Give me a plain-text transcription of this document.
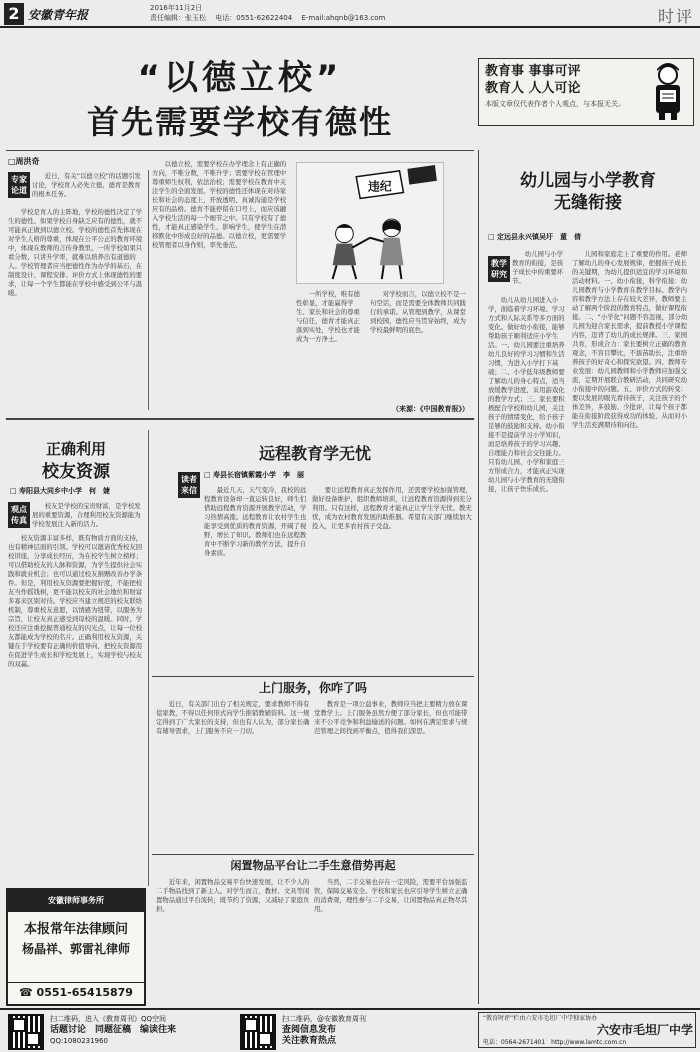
2 安徽青年报	2016年11月2日
责任编辑：张玉松　 电话：0551-62622404　 E-mail:ahqnb@163.com	时评
“以德立校”
首先需要学校有德性
教育事 事事可评
教育人 人人可论
本版文章仅代表作者个人观点，与本报无关。
□周洪奇
专家论道
　　近日，有关“以德立校”的话题引发讨论，学校育人必先立德，德育是教育的根本任务。
　　学校是育人的主阵地，学校的德性决定了学生的德性。如果学校自身缺乏应有的德性，就不可能真正做到以德立校。学校的德性首先体现在对学生人格的尊重，体现在公平公正的教育环境中，体现在教师的言传身教里。一所学校如果只看分数、只讲升学率，就难以培养出有道德的人。学校管理者应当把德性作为办学的基石，在制度设计、课程安排、评价方式上体现德性的要求，让每一个学生都能在学校中感受到公平与温暖。
　　以德立校，需要学校在办学理念上有正确的方向，不唯分数，不唯升学；需要学校在管理中尊重师生权利，依法治校；需要学校在教育中关注学生的全面发展。学校的德性还体现在对待家长和社会的态度上，开放透明、真诚沟通是学校应有的品格。德育不能停留在口号上，而应该融入学校生活的每一个细节之中。只有学校有了德性，才能真正感染学生、影响学生，使学生在潜移默化中形成良好的品德。以德立校，更需要学校管理者以身作则，率先垂范。
违纪
　　一所学校，唯有德性彰显，才能赢得学生、家长和社会的尊重与信任，德育才能真正落到实处，学校也才能成为一方净土。
　　对学校而言，以德立校不是一句空话，而是需要全体教师共同践行的承诺。从管理到教学，从课堂到校园，德性应当贯穿始终，成为学校最鲜明的底色。
（来源：《中国教育报》）
正确利用
校友资源
□ 寿阳县大同乡中小学　何　婕
观点传真
　　校友是学校的宝贵财富，是学校发展的重要资源，合理利用校友资源能为学校发展注入新的活力。
　　校友资源丰富多样，既有物质方面的支持，也有精神层面的引领。学校可以邀请优秀校友回校讲座，分享成长经历，为在校学生树立榜样；可以借助校友的人脉和资源，为学生提供社会实践和就业机会；也可以通过校友捐赠改善办学条件。但是，利用校友资源要把握好度，不能把校友当作摇钱树，更不能以校友的社会地位和财富多寡来区别对待。学校应当建立规范的校友联络机制，尊重校友意愿，以情感为纽带，以服务为宗旨，让校友真正感受到母校的温暖。同时，学校还应注重挖掘普通校友的闪光点，让每一位校友都能成为学校的名片。正确利用校友资源，关键在于学校要有正确的价值导向，把校友资源用在促进学生成长和学校发展上，实现学校与校友的双赢。
远程教育学无忧
□ 寿县长宿镇紫霞小学　李　丽
读者来信	　　最近几天，天气变冷，我校的远程教育设备却一直运转良好，师生们借助远程教育资源开展教学活动，学习热情高涨。远程教育让农村学生也能享受到优质的教育资源，开阔了视野，增长了知识。教师们也在远程教育中不断学习新的教学方法，提升自身素质。
　　要让远程教育真正发挥作用，还需要学校加强管理，做好设备维护，组织教师培训，让远程教育资源得到充分利用。只有这样，远程教育才能真正让学生学无忧、教无忧，成为农村教育发展的助推器。希望有关部门继续加大投入，让更多农村孩子受益。
上门服务，你咋了吗
　　近日，有关部门出台了相关规定，要求教师不得有偿家教，不得以任何形式向学生推销教辅资料。这一规定得到了广大家长的支持，但也有人认为，部分家长确有辅导需求，上门服务不应一刀切。
　　教育是一项公益事业，教师应当把主要精力放在课堂教学上。上门服务虽然方便了部分家长，但也可能带来不公平竞争和利益输送的问题。如何在满足需求与规范管理之间找到平衡点，值得我们深思。
闲置物品平台让二手生意借势再起
　　近年来，闲置物品交易平台快速发展，让不少人的二手物品找到了新主人。对学生而言，教材、文具等闲置物品通过平台流转，既节约了资源，又减轻了家庭负担。
　　当然，二手交易也存在一定风险，需要平台加强监管，保障交易安全。学校和家长也应引导学生树立正确的消费观，理性参与二手交易，让闲置物品真正物尽其用。
安徽律师事务所
本报常年法律顾问
杨晶祥、郭雷礼律师
☎ 0551-65415879
幼儿园与小学教育
无缝衔接
□ 定远县永兴镇吴圩　董　倩
教学研究
　　幼儿园与小学教育的衔接，是孩子成长中的重要环节。
　　幼儿从幼儿园进入小学，面临着学习环境、学习方式和人际关系等多方面的变化。做好幼小衔接，能够帮助孩子顺利适应小学生活。一、幼儿园要注重培养幼儿良好的学习习惯和生活习惯，为进入小学打下基础；二、小学低年级教师要了解幼儿的身心特点，适当放缓教学进度，采用游戏化的教学方式；三、家长要积极配合学校和幼儿园，关注孩子的情绪变化，给予孩子足够的鼓励和支持。幼小衔接不是提前学习小学知识，而是培养孩子的学习兴趣、自理能力和社会交往能力。只有幼儿园、小学和家庭三方形成合力，才能真正实现幼儿园与小学教育的无缝衔接，让孩子快乐成长。
　　儿园和家庭走上了重要的作用。老师了解幼儿的身心发展规律，把握孩子成长的关键期，为幼儿提供适宜的学习环境和活动材料。一、幼小衔接，科学衔接：幼儿园教育与小学教育在教学目标、教学内容和教学方法上存在较大差异，教师要主动了解两个阶段的教育特点，做好课程衔接。二、“小学化”问题不容忽视，部分幼儿园为迎合家长需求，提前教授小学课程内容，违背了幼儿的成长规律。三、家园共育，形成合力：家长要树立正确的教育观念，不盲目攀比，不拔苗助长，注重培养孩子的好奇心和探究欲望。四、教师专业发展：幼儿园教师和小学教师应加强交流，定期开展联合教研活动，共同研究幼小衔接中的问题。五、评价方式的转变：要以发展的眼光看待孩子，关注孩子的个体差异，多鼓励、少批评，让每个孩子都能在衔接阶段获得成功的体验，从而对小学生活充满期待和向往。
扫二维码，进入《教育周刊》QQ空间
话题讨论　同题征稿　编读往来
QQ:1080231960
扫二维码，@安徽教育周刊
查阅信息发布
关注教育热点
“教育时评”栏由六安市毛坦厂中学独家协办
六安市毛坦厂中学
电话：0564-2671401　http://www.lamtc.com.cn
